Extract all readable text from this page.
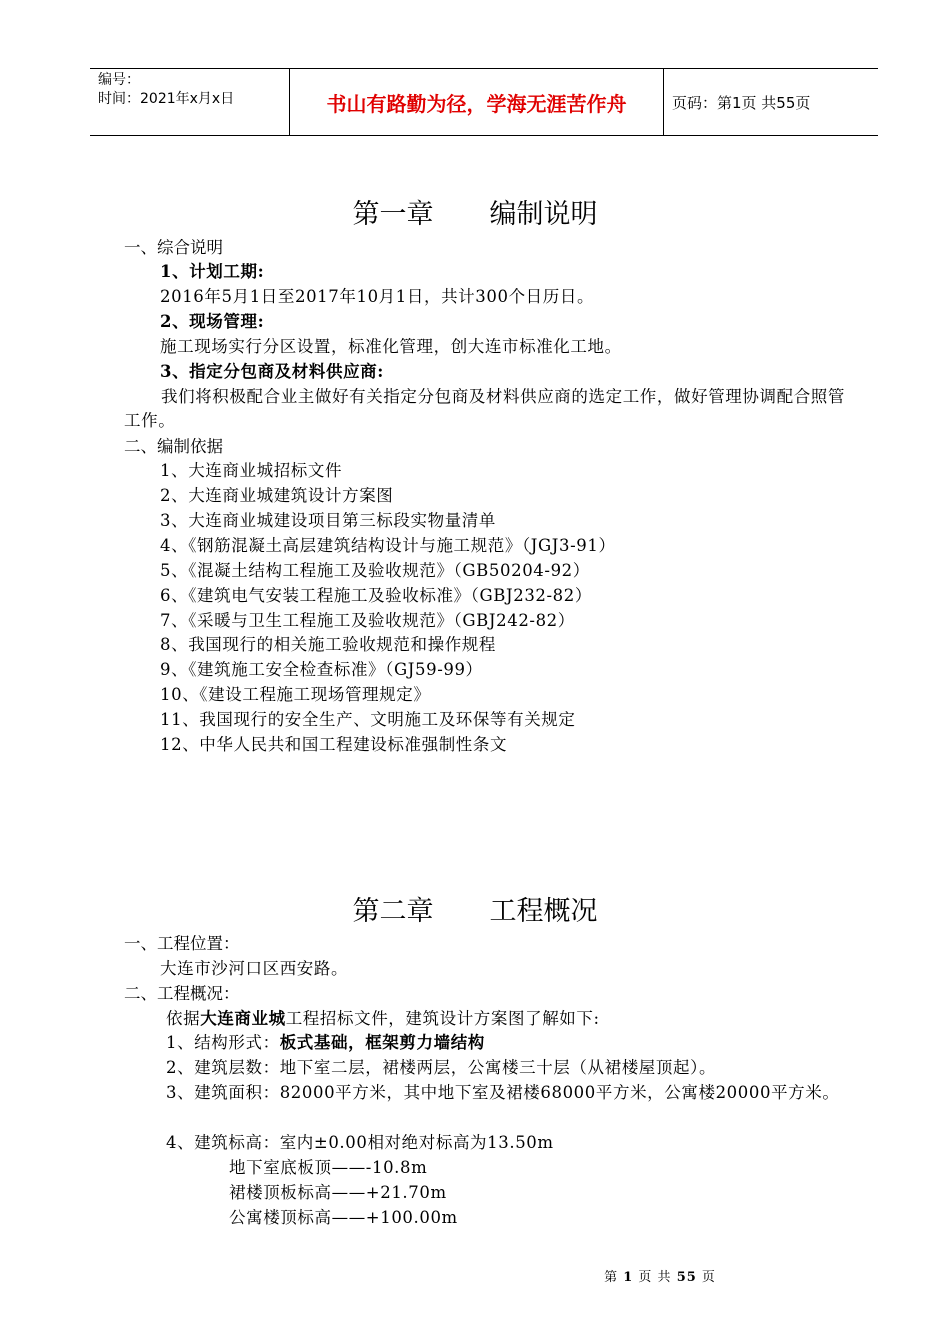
编号：
时间：2021年x月x日	书山有路勤为径，学海无涯苦作舟	页码：第1页 共55页
第一章 编制说明
一、综合说明
1、计划工期:
2016年5月1日至2017年10月1日，共计300个日历日。
2、现场管理:
施工现场实行分区设置，标准化管理，创大连市标准化工地。
3、指定分包商及材料供应商:
我们将积极配合业主做好有关指定分包商及材料供应商的选定工作，做好管理协调配合照管工作。
二、编制依据
1、大连商业城招标文件
2、大连商业城建筑设计方案图
3、大连商业城建设项目第三标段实物量清单
4、《钢筋混凝土高层建筑结构设计与施工规范》（JGJ3-91）
5、《混凝土结构工程施工及验收规范》（GB50204-92）
6、《建筑电气安装工程施工及验收标准》（GBJ232-82）
7、《采暖与卫生工程施工及验收规范》（GBJ242-82）
8、我国现行的相关施工验收规范和操作规程
9、《建筑施工安全检查标准》（GJ59-99）
10、《建设工程施工现场管理规定》
11、我国现行的安全生产、文明施工及环保等有关规定
12、中华人民共和国工程建设标准强制性条文
第二章 工程概况
一、工程位置：
大连市沙河口区西安路。
二、工程概况：
依据大连商业城工程招标文件，建筑设计方案图了解如下:
1、结构形式：板式基础，框架剪力墙结构
2、建筑层数：地下室二层，裙楼两层，公寓楼三十层（从裙楼屋顶起）。
3、建筑面积：82000平方米，其中地下室及裙楼68000平方米，公寓楼20000平方米。
4、建筑标高：室内±0.00相对绝对标高为13.50m
地下室底板顶——-10.8m
裙楼顶板标高——+21.70m
公寓楼顶标高——+100.00m
第 1 页 共 55 页
